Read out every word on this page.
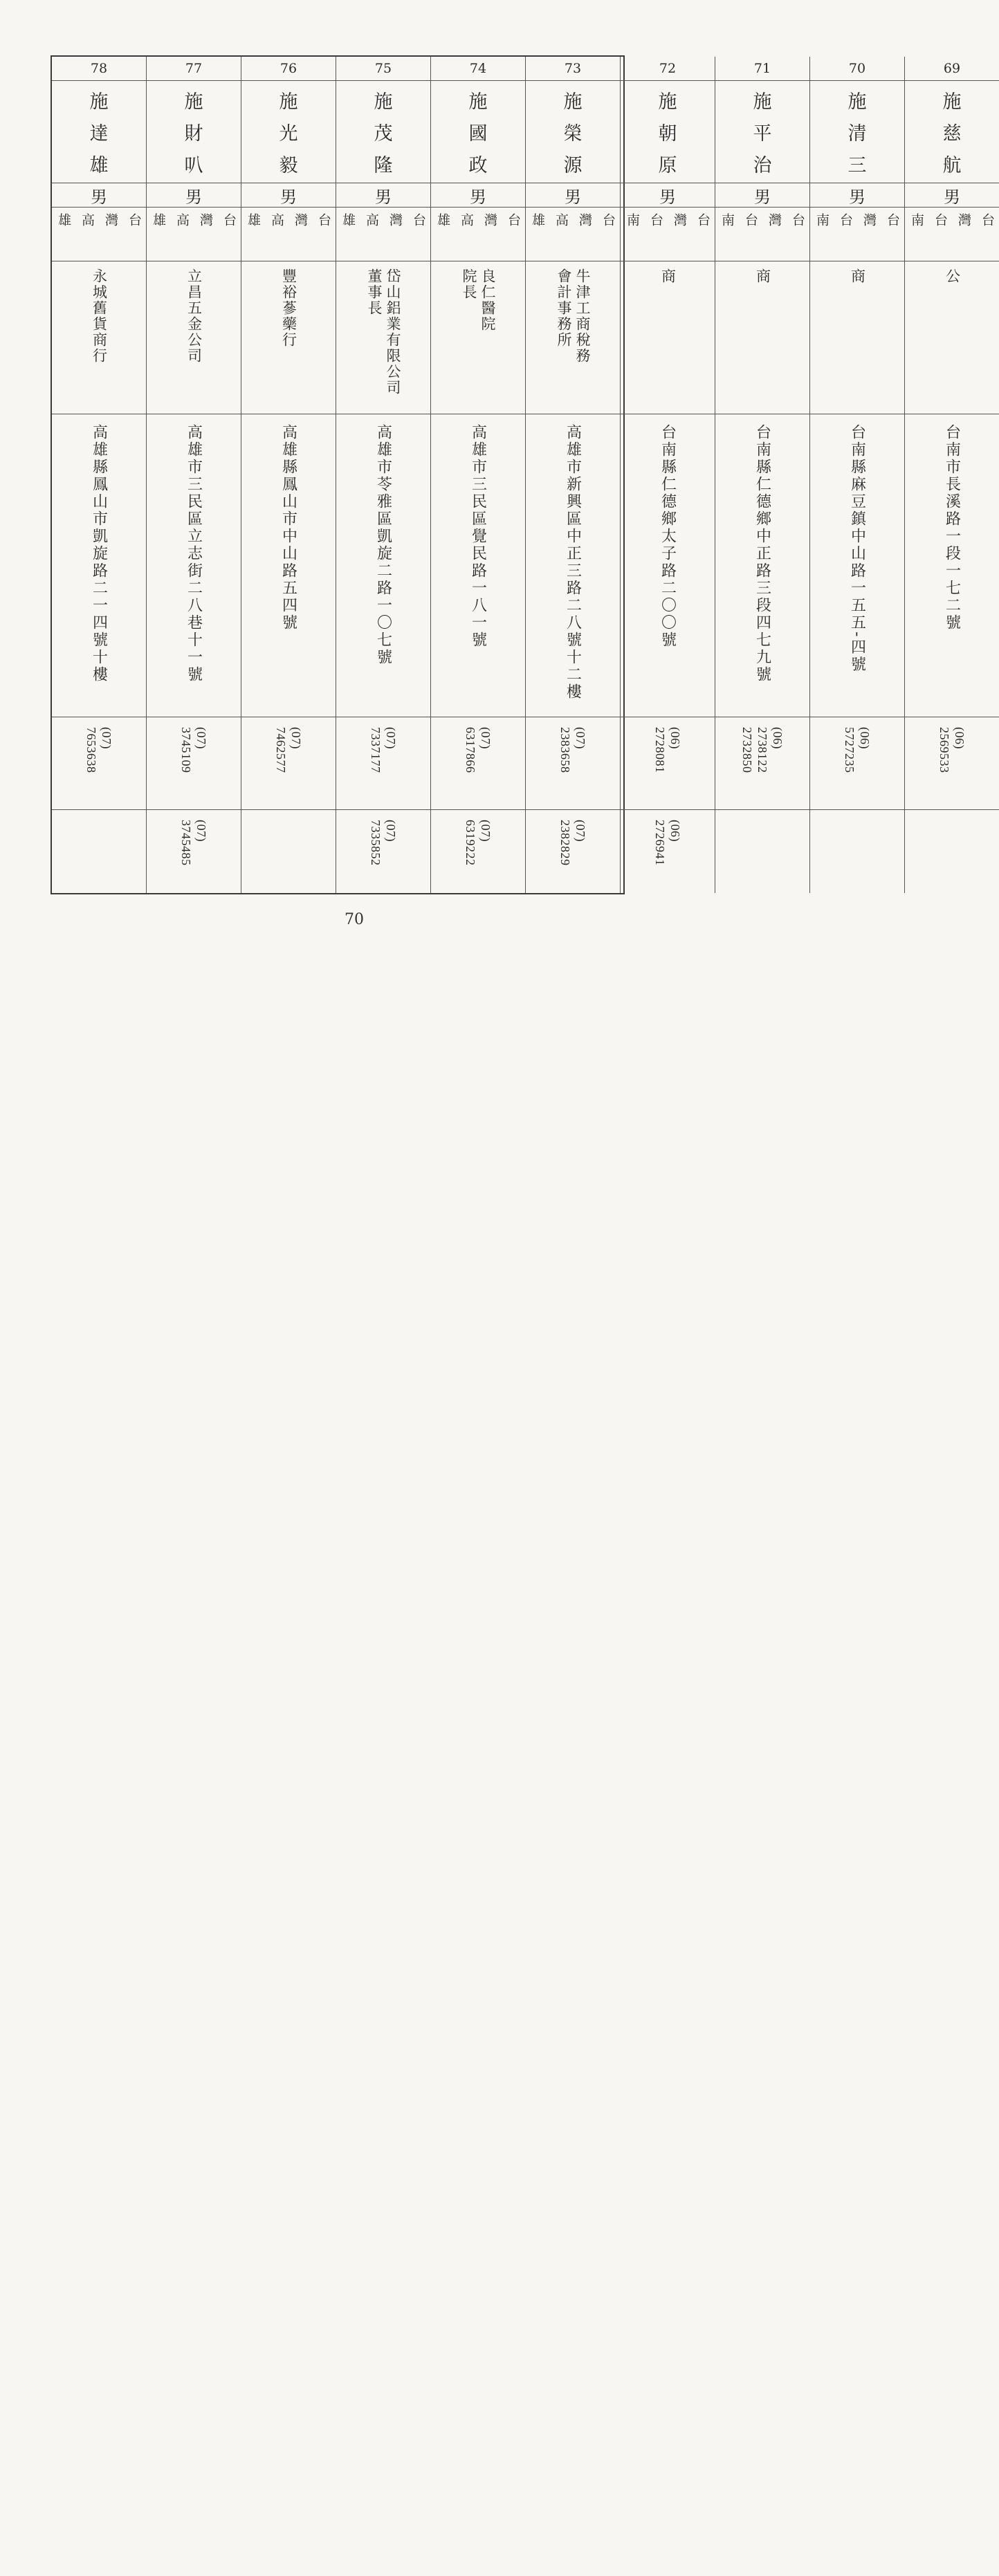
78
施
達
雄
男
台灣
高雄
永城舊貨商行
高雄縣鳳山市凱旋路二一四號十樓
(07)
7653638
77
施
財
叭
男
台灣
高雄
立昌五金公司
高雄市三民區立志街二八巷十一號
(07)
3745109
(07)
3745485
76
施
光
毅
男
台灣
高雄
豐裕蔘藥行
高雄縣鳳山市中山路五四號
(07)
7462577
75
施
茂
隆
男
台灣
高雄
岱山鋁業有限公司
董事長
高雄市苓雅區凱旋二路一〇七號
(07)
7337177
(07)
7335852
74
施
國
政
男
台灣
高雄
良仁醫院
院長
高雄市三民區覺民路一八一號
(07)
6317866
(07)
6319222
73
施
榮
源
男
台灣
高雄
牛津工商稅務
會計事務所
高雄市新興區中正三路二八號十二樓
(07)
2383658
(07)
2382829
72
施
朝
原
男
台灣
台南
商
台南縣仁德鄉太子路二〇〇號
(06)
2728081
(06)
2726941
71
施
平
治
男
台灣
台南
商
台南縣仁德鄉中正路三段四七九號
(06)
2738122
2732850
70
施
清
三
男
台灣
台南
商
台南縣麻豆鎮中山路一五五-四號
(06)
5727235
69
施
慈
航
男
台灣
台南
公
台南市長溪路一段一七二號
(06)
2569533
70
